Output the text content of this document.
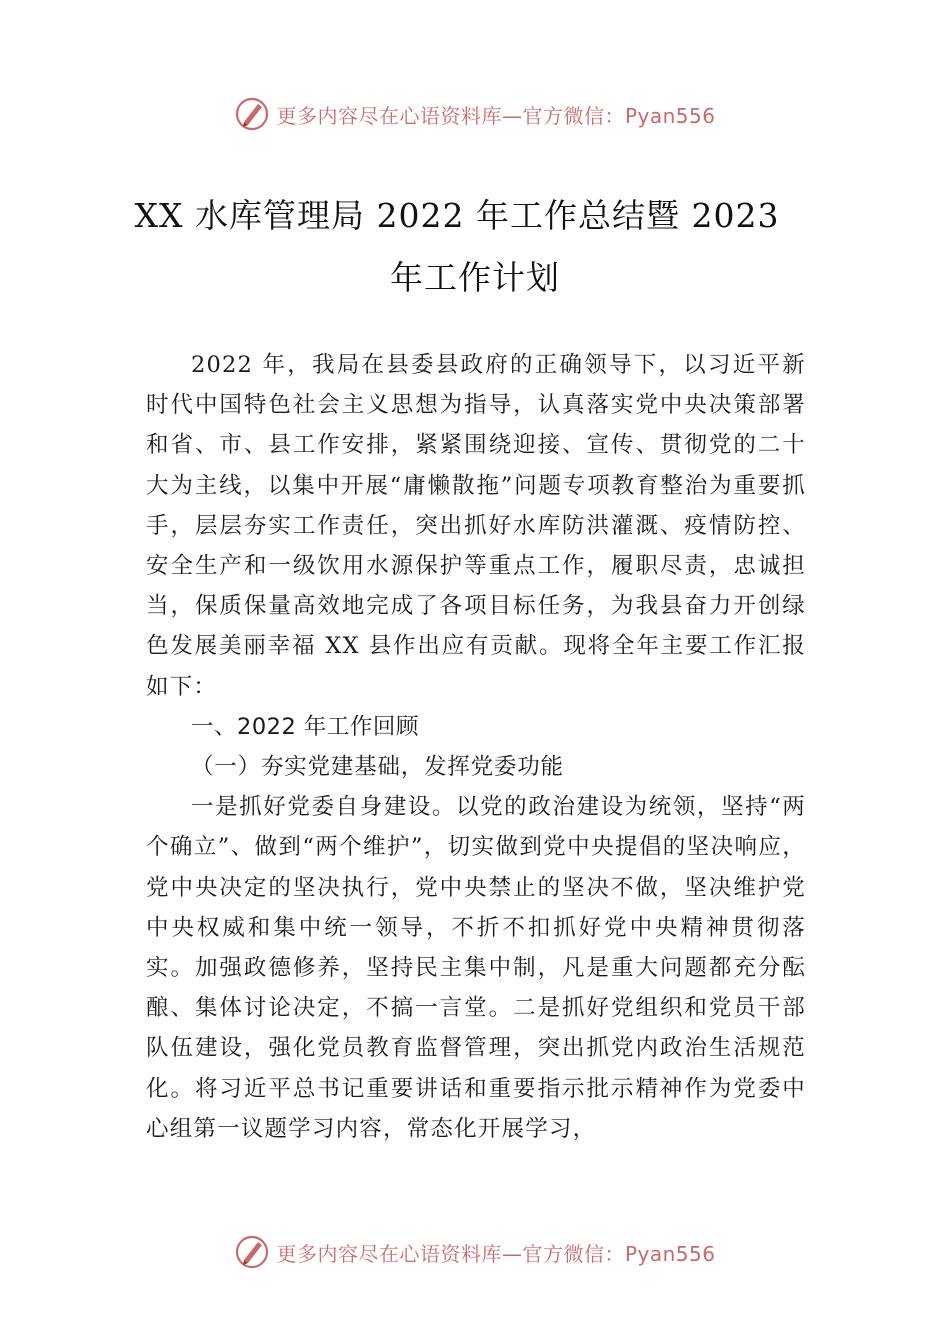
更多内容尽在心语资料库—官方微信：Pyan556
XX 水库管理局 2022 年工作总结暨 2023
年工作计划

2022 年，我局在县委县政府的正确领导下，以习近平新时代中国特色社会主义思想为指导，认真落实党中央决策部署和省、市、县工作安排，紧紧围绕迎接、宣传、贯彻党的二十大为主线，以集中开展“庸懒散拖”问题专项教育整治为重要抓手，层层夯实工作责任，突出抓好水库防洪灌溉、疫情防控、安全生产和一级饮用水源保护等重点工作，履职尽责，忠诚担当，保质保量高效地完成了各项目标任务，为我县奋力开创绿色发展美丽幸福 XX 县作出应有贡献。现将全年主要工作汇报如下：

一、2022 年工作回顾

（一）夯实党建基础，发挥党委功能

一是抓好党委自身建设。以党的政治建设为统领，坚持“两个确立”、做到“两个维护”，切实做到党中央提倡的坚决响应，党中央决定的坚决执行，党中央禁止的坚决不做，坚决维护党中央权威和集中统一领导，不折不扣抓好党中央精神贯彻落实。加强政德修养，坚持民主集中制，凡是重大问题都充分酝酿、集体讨论决定，不搞一言堂。二是抓好党组织和党员干部队伍建设，强化党员教育监督管理，突出抓党内政治生活规范化。将习近平总书记重要讲话和重要指示批示精神作为党委中心组第一议题学习内容，常态化开展学习，

更多内容尽在心语资料库—官方微信：Pyan556
